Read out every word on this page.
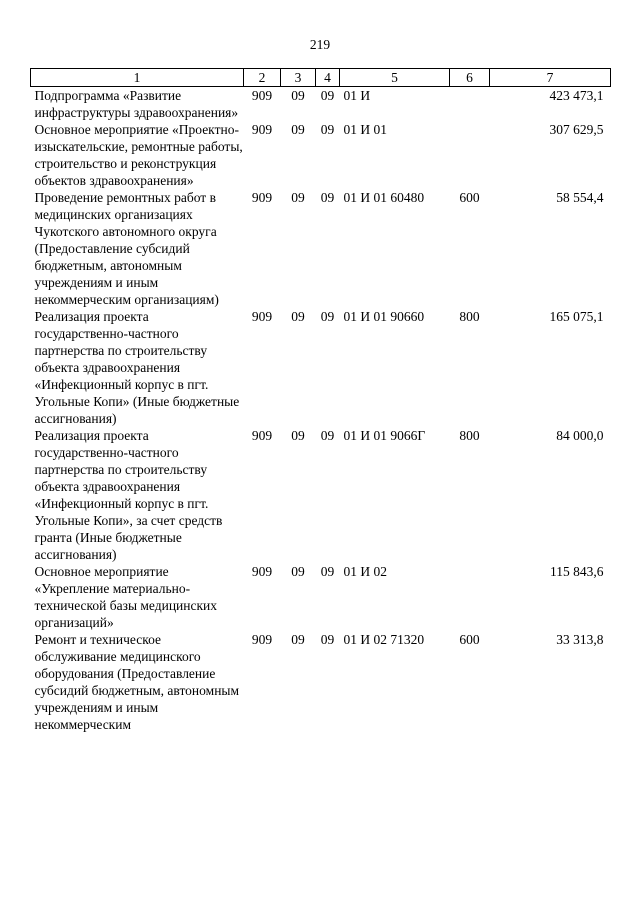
219
1	2	3	4	5	6	7
Подпрограмма «Развитие инфраструктуры здравоохранения»	909	09	09	01 И		423 473,1
Основное мероприятие «Проектно-изыскательские, ремонтные работы, строительство и реконструкция объектов здравоохранения»	909	09	09	01 И 01		307 629,5
Проведение ремонтных работ в медицинских организациях Чукотского автономного округа (Предоставление субсидий бюджетным, автономным учреждениям и иным некоммерческим организациям)	909	09	09	01 И 01 60480	600	58 554,4
Реализация проекта государственно-частного партнерства по строительству объекта здравоохранения «Инфекционный корпус в пгт. Угольные Копи» (Иные бюджетные ассигнования)	909	09	09	01 И 01 90660	800	165 075,1
Реализация проекта государственно-частного партнерства по строительству объекта здравоохранения «Инфекционный корпус в пгт. Угольные Копи», за счет средств гранта (Иные бюджетные ассигнования)	909	09	09	01 И 01 9066Г	800	84 000,0
Основное мероприятие «Укрепление материально-технической базы медицинских организаций»	909	09	09	01 И 02		115 843,6
Ремонт и техническое обслуживание медицинского оборудования (Предоставление субсидий бюджетным, автономным учреждениям и иным некоммерческим	909	09	09	01 И 02 71320	600	33 313,8
